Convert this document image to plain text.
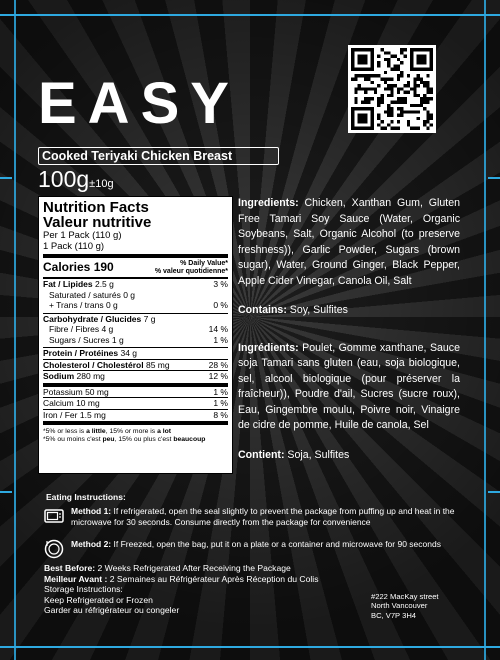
EASY
Cooked Teriyaki Chicken Breast
100g±10g
Nutrition Facts
Valeur nutritive
Per 1 Pack (110 g)
1 Pack (110 g)
Calories 190	% Daily Value*
% valeur quotidienne*
Fat / Lipides 2.5 g	3 %
Saturated / saturés 0 g
+ Trans / trans 0 g	0 %
Carbohydrate / Glucides 7 g
Fibre / Fibres 4 g	14 %
Sugars / Sucres 1 g	1 %
Protein / Protéines 34 g
Cholesterol / Cholestérol 85 mg	28 %
Sodium 280 mg	12 %
Potassium 50 mg	1 %
Calcium 10 mg	1 %
Iron / Fer 1.5 mg	8 %
*5% or less is a little, 15% or more is a lot
*5% ou moins c'est peu, 15% ou plus c'est beaucoup

Ingredients: Chicken, Xanthan Gum, Gluten Free Tamari Soy Sauce (Water, Organic Soybeans, Salt, Organic Alcohol (to preserve freshness)), Garlic Powder, Sugars (brown sugar), Water, Ground Ginger, Black Pepper, Apple Cider Vinegar, Canola Oil, Salt

Contains: Soy, Sulfites

Ingrédients: Poulet, Gomme xanthane, Sauce soja Tamari sans gluten (eau, soja biologique, sel, alcool biologique (pour préserver la fraîcheur)), Poudre d'ail, Sucres (sucre roux), Eau, Gingembre moulu, Poivre noir, Vinaigre de cidre de pomme, Huile de canola, Sel

Contient: Soja, Sulfites

Eating Instructions:
Method 1: If refrigerated, open the seal slightly to prevent the package from puffing up and heat in the microwave for 30 seconds. Consume directly from the package for convenience
Method 2: If Freezed, open the bag, put it on a plate or a container and microwave for 90 seconds
Best Before: 2 Weeks Refrigerated After Receiving the Package
Meilleur Avant : 2 Semaines au Réfrigérateur Après Réception du Colis
Storage Instructions:
Keep Refrigerated or Frozen
Garder au réfrigérateur ou congeler
#222 MacKay street
North Vancouver
BC, V7P 3H4
